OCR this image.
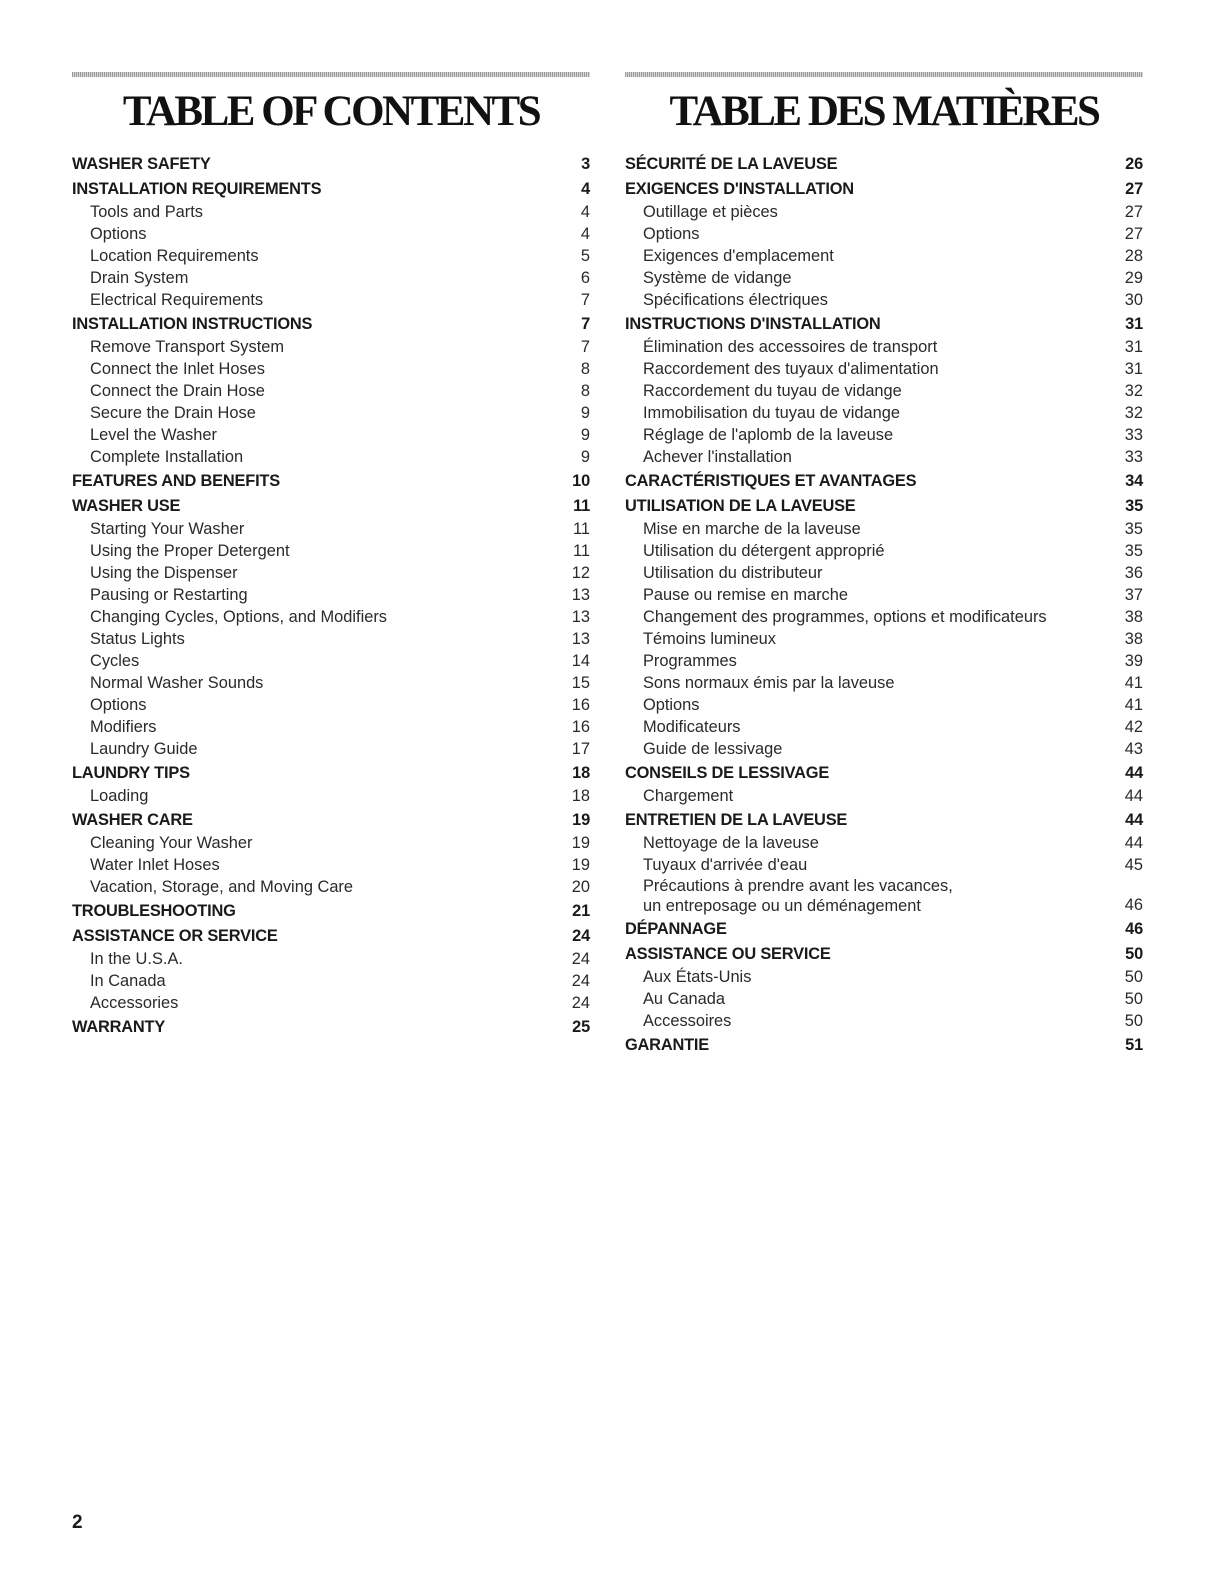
TABLE OF CONTENTS
WASHER SAFETY .....	3
INSTALLATION REQUIREMENTS .....	4
Tools and Parts .....	4
Options .....	4
Location Requirements .....	5
Drain System .....	6
Electrical Requirements .....	7
INSTALLATION INSTRUCTIONS .....	7
Remove Transport System .....	7
Connect the Inlet Hoses .....	8
Connect the Drain Hose .....	8
Secure the Drain Hose .....	9
Level the Washer .....	9
Complete Installation .....	9
FEATURES AND BENEFITS .....	10
WASHER USE .....	11
Starting Your Washer .....	11
Using the Proper Detergent .....	11
Using the Dispenser .....	12
Pausing or Restarting .....	13
Changing Cycles, Options, and Modifiers .....	13
Status Lights .....	13
Cycles .....	14
Normal Washer Sounds .....	15
Options .....	16
Modifiers .....	16
Laundry Guide .....	17
LAUNDRY TIPS .....	18
Loading .....	18
WASHER CARE .....	19
Cleaning Your Washer .....	19
Water Inlet Hoses .....	19
Vacation, Storage, and Moving Care .....	20
TROUBLESHOOTING .....	21
ASSISTANCE OR SERVICE .....	24
In the U.S.A. .....	24
In Canada .....	24
Accessories .....	24
WARRANTY .....	25
TABLE DES MATIÈRES
SÉCURITÉ DE LA LAVEUSE .....	26
EXIGENCES D'INSTALLATION .....	27
Outillage et pièces .....	27
Options .....	27
Exigences d'emplacement .....	28
Système de vidange .....	29
Spécifications électriques .....	30
INSTRUCTIONS D'INSTALLATION .....	31
Élimination des accessoires de transport .....	31
Raccordement des tuyaux d'alimentation .....	31
Raccordement du tuyau de vidange .....	32
Immobilisation du tuyau de vidange .....	32
Réglage de l'aplomb de la laveuse .....	33
Achever l'installation .....	33
CARACTÉRISTIQUES ET AVANTAGES .....	34
UTILISATION DE LA LAVEUSE .....	35
Mise en marche de la laveuse .....	35
Utilisation du détergent approprié .....	35
Utilisation du distributeur .....	36
Pause ou remise en marche .....	37
Changement des programmes, options et modificateurs .....	38
Témoins lumineux .....	38
Programmes .....	39
Sons normaux émis par la laveuse .....	41
Options .....	41
Modificateurs .....	42
Guide de lessivage .....	43
CONSEILS DE LESSIVAGE .....	44
Chargement .....	44
ENTRETIEN DE LA LAVEUSE .....	44
Nettoyage de la laveuse .....	44
Tuyaux d'arrivée d'eau .....	45
Précautions à prendre avant les vacances,
un entreposage ou un déménagement .....	46
DÉPANNAGE .....	46
ASSISTANCE OU SERVICE .....	50
Aux États-Unis .....	50
Au Canada .....	50
Accessoires .....	50
GARANTIE .....	51
2
